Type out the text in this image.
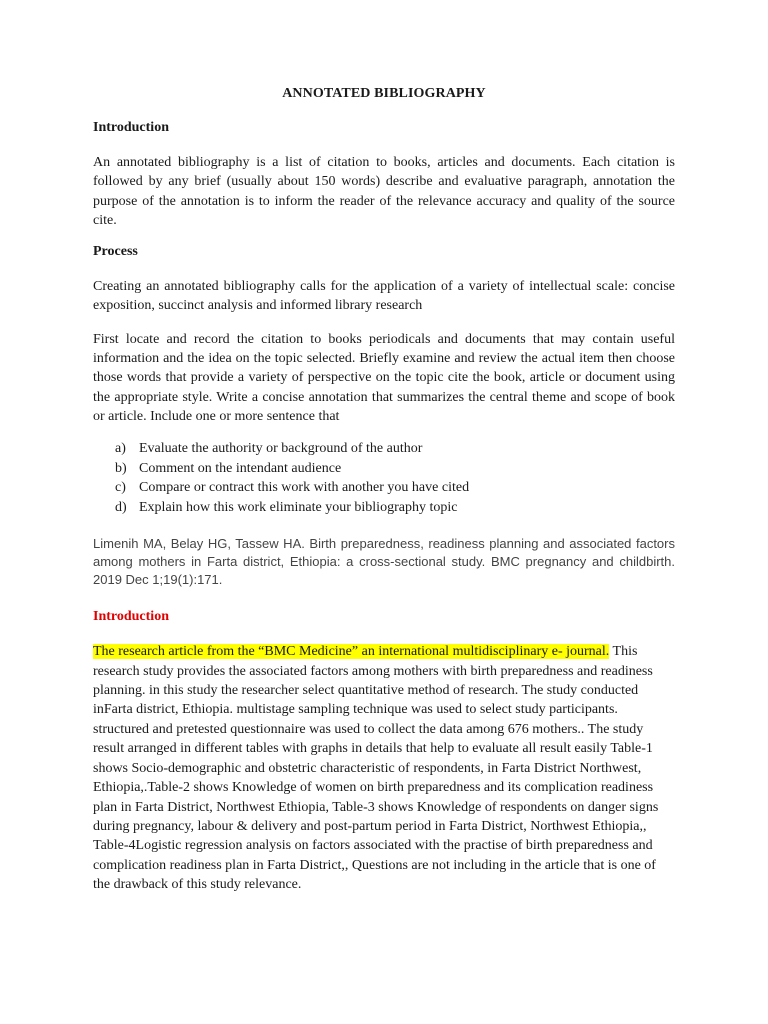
ANNOTATED BIBLIOGRAPHY
Introduction

An annotated bibliography is a list of citation to books, articles and documents. Each citation is followed by any brief (usually about 150 words) describe and evaluative paragraph, annotation the purpose of the annotation is to inform the reader of the relevance accuracy and quality of the source cite.

Process

Creating an annotated bibliography calls for the application of a variety of intellectual scale: concise exposition, succinct analysis and informed library research

First locate and record the citation to books periodicals and documents that may contain useful information and the idea on the topic selected. Briefly examine and review the actual item then choose those words that provide a variety of perspective on the topic cite the book, article or document using the appropriate style. Write a concise annotation that summarizes the central theme and scope of book or article. Include one or more sentence that

a) Evaluate the authority or background of the author
b) Comment on the intendant audience
c) Compare or contract this work with another you have cited
d) Explain how this work eliminate your bibliography topic

Limenih MA, Belay HG, Tassew HA. Birth preparedness, readiness planning and associated factors among mothers in Farta district, Ethiopia: a cross-sectional study. BMC pregnancy and childbirth. 2019 Dec 1;19(1):171.

Introduction

The research article from the “BMC Medicine” an international multidisciplinary e- journal. This research study provides the associated factors among mothers with birth preparedness and readiness planning. in this study the researcher select quantitative method of research. The study conducted inFarta district, Ethiopia. multistage sampling technique was used to select study participants. structured and pretested questionnaire was used to collect the data among 676 mothers.. The study result arranged in different tables with graphs in details that help to evaluate all result easily Table-1 shows Socio-demographic and obstetric characteristic of respondents, in Farta District Northwest, Ethiopia,.Table-2 shows Knowledge of women on birth preparedness and its complication readiness plan in Farta District, Northwest Ethiopia, Table-3 shows Knowledge of respondents on danger signs during pregnancy, labour & delivery and post-partum period in Farta District, Northwest Ethiopia,, Table-4Logistic regression analysis on factors associated with the practise of birth preparedness and complication readiness plan in Farta District,, Questions are not including in the article that is one of the drawback of this study relevance.
